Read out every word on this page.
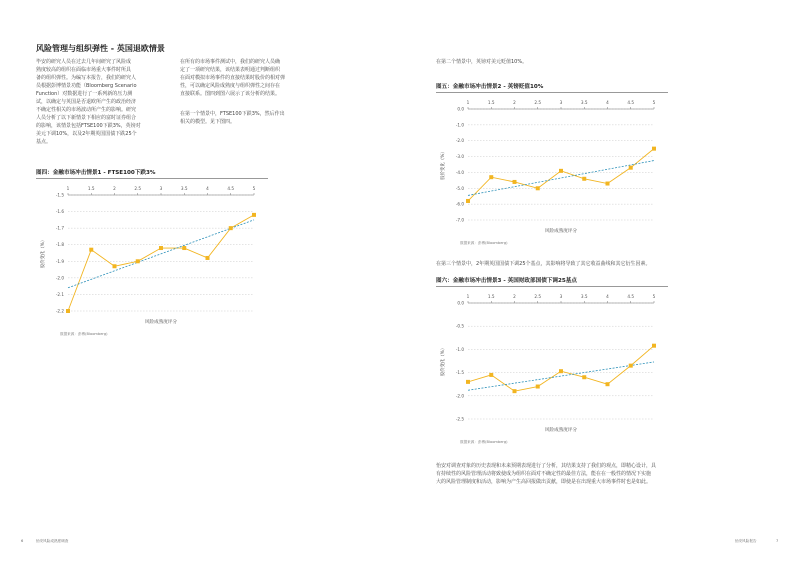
风险管理与组织弹性 - 英国退欧情景
毕安的研究人员在过去几年间研究了风险成
熟度较高的组织在面临市场重大事件时所具
备的组织弹性。为编写本报告，我们的研究人
员根据彭博情景功能（Bloomberg Scenario
Function）对数据进行了一系列新的压力测
试，以确定与英国是否退欧所产生的政治经济
不确定性相关的市场波动所产生的影响。研究
人员分析了以下新情景下相应的富时证券组合
的影响，该情景包括FTSE100下跌3%，英镑对
美元下调10%，以及2年期英国国债下跌25个
基点。
在所有的市场事件测试中，我们的研究人员确
定了一项研究结果，该结果表明通过判断组织
在面对模拟市场事件的直接结果时股价的相对弹
性，可以确定风险成熟度与组织弹性之间存在
直接联系。图四到图六展示了该分析的结果。
在第一个情景中，FTSE100下跌3%，然后作出
相关的模型。见下图四。
图四：金融市场冲击情景1 - FTSE100下跌3%
-1.5
-1.6
-1.7
-1.8
-1.9
-2.0
-2.1
-2.2
1	1.5	2	2.5	3	3.5	4	4.5	5
股价变化（%）
风险成熟度评分
数据来源：彭博(Bloomberg)
6	怡安风险成熟度调查
在第二个情景中，英镑对美元贬值10%。
图五：金融市场冲击情景2 - 英镑贬值10%
0.0
-1.0
-2.0
-3.0
-4.0
-5.0
-6.0
-7.0
1	1.5	2	2.5	3	3.5	4	4.5	5
股价变化（%）
风险成熟度评分
数据来源：彭博(Bloomberg)
在第三个情景中，2年期英国国债下调25个基点，其影响将导致了其它收益曲线和其它衍生因素。
图六：金融市场冲击情景3 - 英国财政部国债下调25基点
0.0
-0.5
-1.0
-1.5
-2.0
-2.5
1	1.5	2	2.5	3	3.5	4	4.5	5
股价变化（%）
风险成熟度评分
数据来源：彭博(Bloomberg)
怡安对调查对象的历史表现和未来预期表现进行了分析，其结果支持了我们的观点，即精心设计，具
有持续性的风险管理活动将致使成为组织在面对不确定性的最佳方法，能在在一般性的情况下实施
大的风险管理制度和活动，影响为产生高回报做出贡献，即使是在出现重大市场事件时也是如此。
怡安风险报告	7
